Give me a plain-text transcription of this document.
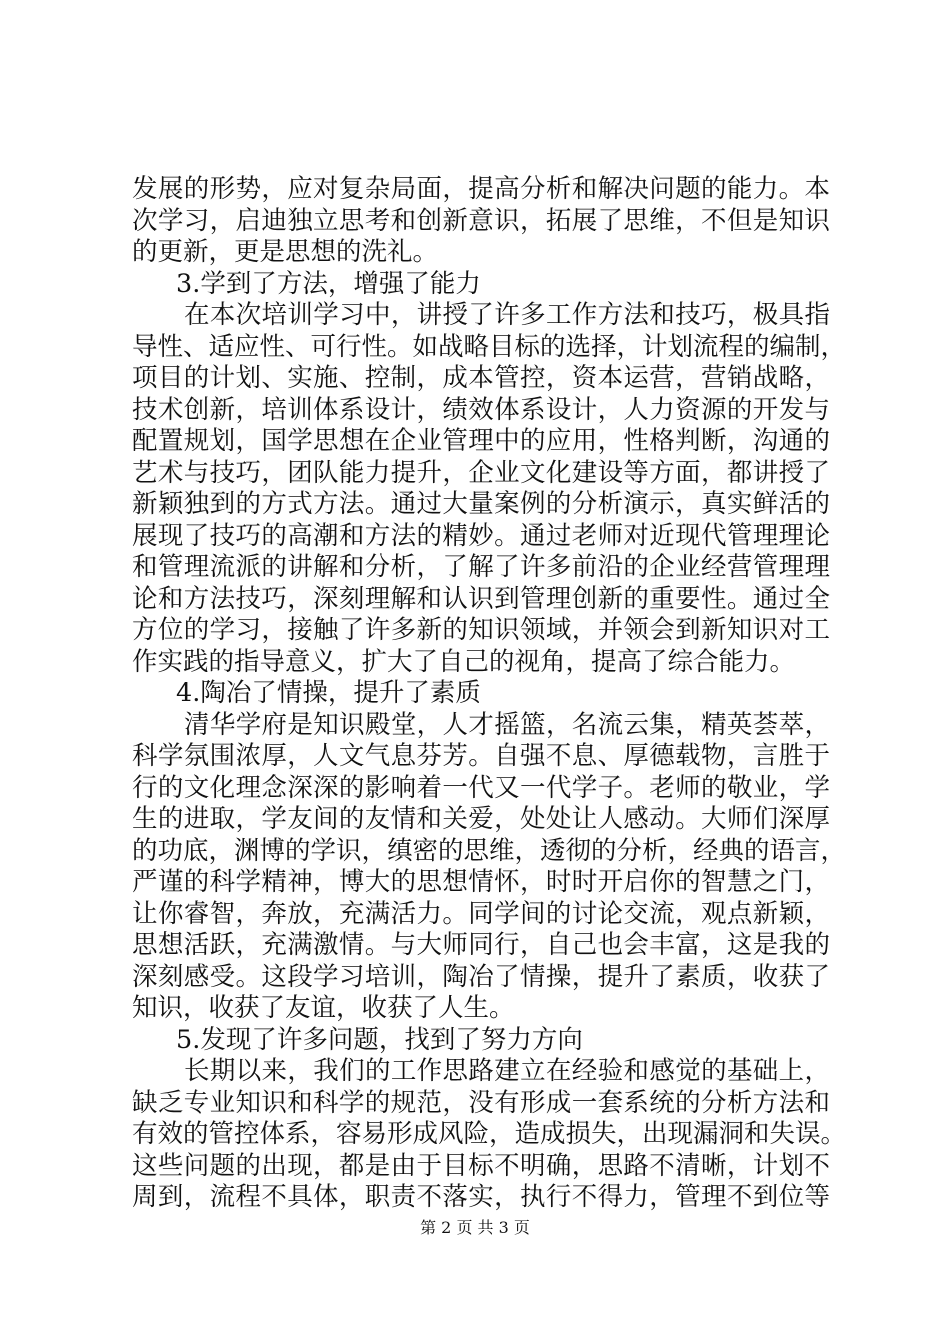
发展的形势，应对复杂局面，提高分析和解决问题的能力。本
次学习，启迪独立思考和创新意识，拓展了思维，不但是知识
的更新，更是思想的洗礼。
3.学到了方法，增强了能力
在本次培训学习中，讲授了许多工作方法和技巧，极具指
导性、适应性、可行性。如战略目标的选择，计划流程的编制，
项目的计划、实施、控制，成本管控，资本运营，营销战略，
技术创新，培训体系设计，绩效体系设计，人力资源的开发与
配置规划，国学思想在企业管理中的应用，性格判断，沟通的
艺术与技巧，团队能力提升，企业文化建设等方面，都讲授了
新颖独到的方式方法。通过大量案例的分析演示，真实鲜活的
展现了技巧的高潮和方法的精妙。通过老师对近现代管理理论
和管理流派的讲解和分析，了解了许多前沿的企业经营管理理
论和方法技巧，深刻理解和认识到管理创新的重要性。通过全
方位的学习，接触了许多新的知识领域，并领会到新知识对工
作实践的指导意义，扩大了自己的视角，提高了综合能力。
4.陶冶了情操，提升了素质
清华学府是知识殿堂，人才摇篮，名流云集，精英荟萃，
科学氛围浓厚，人文气息芬芳。自强不息、厚德载物，言胜于
行的文化理念深深的影响着一代又一代学子。老师的敬业，学
生的进取，学友间的友情和关爱，处处让人感动。大师们深厚
的功底，渊博的学识，缜密的思维，透彻的分析，经典的语言，
严谨的科学精神，博大的思想情怀，时时开启你的智慧之门，
让你睿智，奔放，充满活力。同学间的讨论交流，观点新颖，
思想活跃，充满激情。与大师同行，自己也会丰富，这是我的
深刻感受。这段学习培训，陶冶了情操，提升了素质，收获了
知识，收获了友谊，收获了人生。
5.发现了许多问题，找到了努力方向
长期以来，我们的工作思路建立在经验和感觉的基础上，
缺乏专业知识和科学的规范，没有形成一套系统的分析方法和
有效的管控体系，容易形成风险，造成损失，出现漏洞和失误。
这些问题的出现，都是由于目标不明确，思路不清晰，计划不
周到，流程不具体，职责不落实，执行不得力，管理不到位等
第 2 页 共 3 页
